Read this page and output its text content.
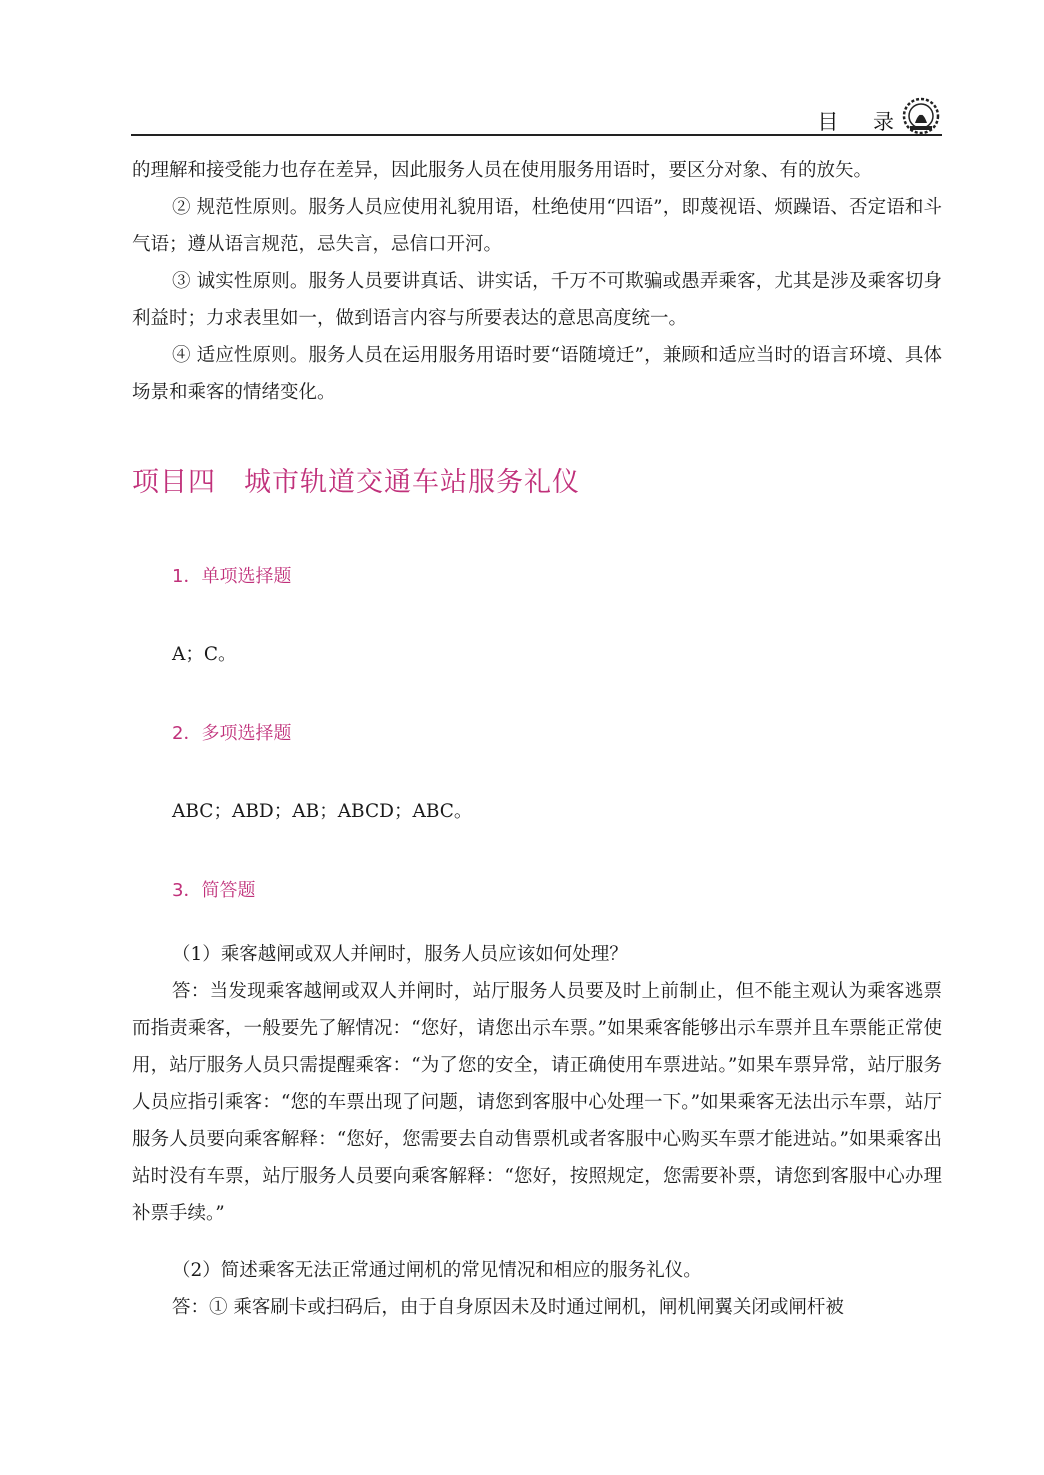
目 录

的理解和接受能力也存在差异，因此服务人员在使用服务用语时，要区分对象、有的放矢。

② 规范性原则。服务人员应使用礼貌用语，杜绝使用“四语”，即蔑视语、烦躁语、否定语和斗气语；遵从语言规范，忌失言，忌信口开河。

③ 诚实性原则。服务人员要讲真话、讲实话，千万不可欺骗或愚弄乘客，尤其是涉及乘客切身利益时；力求表里如一，做到语言内容与所要表达的意思高度统一。

④ 适应性原则。服务人员在运用服务用语时要“语随境迁”，兼顾和适应当时的语言环境、具体场景和乘客的情绪变化。

项目四　城市轨道交通车站服务礼仪
1．单项选择题
A；C。
2．多项选择题
ABC；ABD；AB；ABCD；ABC。
3．简答题

（1）乘客越闸或双人并闸时，服务人员应该如何处理？

答：当发现乘客越闸或双人并闸时，站厅服务人员要及时上前制止，但不能主观认为乘客逃票而指责乘客，一般要先了解情况：“您好，请您出示车票。”如果乘客能够出示车票并且车票能正常使用，站厅服务人员只需提醒乘客：“为了您的安全，请正确使用车票进站。”如果车票异常，站厅服务人员应指引乘客：“您的车票出现了问题，请您到客服中心处理一下。”如果乘客无法出示车票，站厅服务人员要向乘客解释：“您好，您需要去自动售票机或者客服中心购买车票才能进站。”如果乘客出站时没有车票，站厅服务人员要向乘客解释：“您好，按照规定，您需要补票，请您到客服中心办理补票手续。”

（2）简述乘客无法正常通过闸机的常见情况和相应的服务礼仪。

答：① 乘客刷卡或扫码后，由于自身原因未及时通过闸机，闸机闸翼关闭或闸杆被
